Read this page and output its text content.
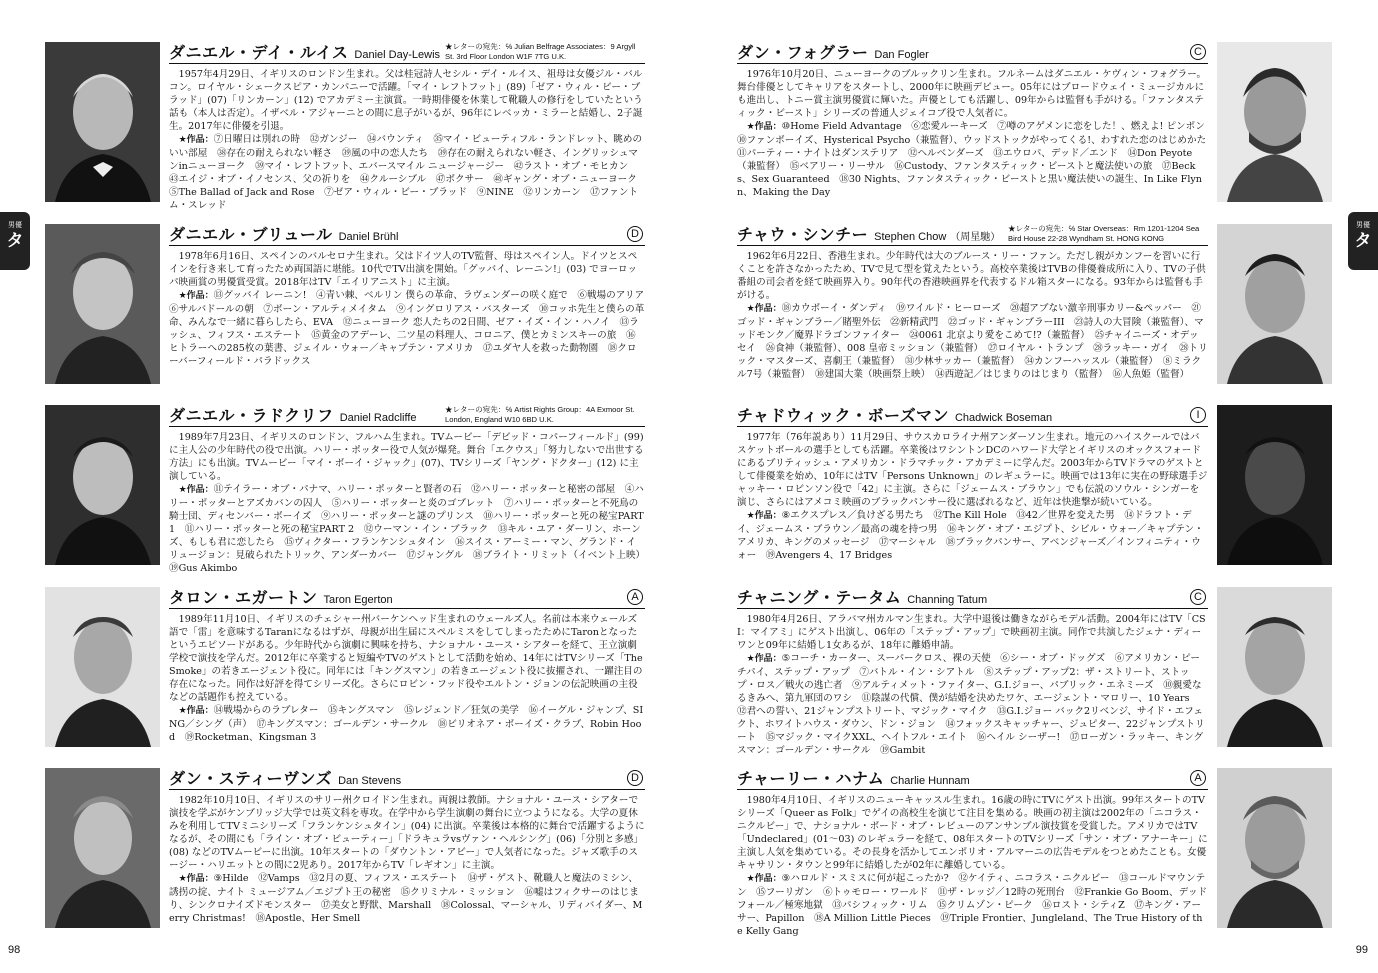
男優
タ
ダニエル・デイ・ルイス Daniel Day-Lewis
★レターの宛先：℅ Julian Belfrage Associates：9 Argyll St. 3rd Floor London W1F 7TG U.K.

1957年4月29日、イギリスのロンドン生まれ。父は桂冠詩人セシル・デイ・ルイス、祖母は女優ジル・バルコン。ロイヤル・シェークスピア・カンパニーで活躍。「マイ・レフトフット」(89)「ゼア・ウィル・ビー・ブラッド」(07)「リンカーン」(12) でアカデミー主演賞。一時期俳優を休業して靴職人の修行をしていたという話も（本人は否定）。イザベル・アジャーニとの間に息子がいるが、96年にレベッカ・ミラーと結婚し、2子誕生。2017年に俳優を引退。

★作品：⑦日曜日は別れの時　㉜ガンジー　㉞バウンティ　㉟マイ・ビューティフル・ランドレット、眺めのいい部屋　㊳存在の耐えられない軽さ　㊴風の中の恋人たち　㊴存在の耐えられない軽さ、イングリッシュマンinニューヨーク　㊴マイ・レフトフット、エバースマイル ニュージャージー　㊷ラスト・オブ・モヒカン　㊸エイジ・オブ・イノセンス、父の祈りを　㊹クルーシブル　㊼ボクサー　㊽ギャング・オブ・ニューヨーク　⑤The Ballad of Jack and Rose　⑦ゼア・ウィル・ビー・ブラッド　⑨NINE　⑫リンカーン　⑰ファントム・スレッド

ダニエル・ブリュール Daniel Brühl	D

1978年6月16日、スペインのバルセロナ生まれ。父はドイツ人のTV監督、母はスペイン人。ドイツとスペインを行き来して育ったため両国語に堪能。10代でTV出演を開始。「グッバイ、レーニン!」(03) でヨーロッパ映画賞の男優賞受賞。2018年はTV「エイリアニスト」に主演。

★作品：⑬グッバイ レーニン!　④青い棘、ベルリン 僕らの革命、ラヴェンダーの咲く庭で　⑥戦場のアリア　⑥サルバドールの朝　⑦ボーン・アルティメイタム　⑨イングロリアス・バスターズ　⑩コッホ先生と僕らの革命、みんなで一緒に暮らしたら、EVA　⑫ニューヨーク 恋人たちの2日間、ゼア・イズ・イン・ハノイ　⑬ラッシュ、フィフス・エステート　⑮黄金のアデーレ、二ツ星の料理人、コロニア、僕とカミンスキーの旅　⑯ヒトラーへの285枚の葉書、ジェイル・ウォー／キャプテン・アメリカ　⑰ユダヤ人を救った動物園　⑱クローバーフィールド・パラドックス

ダニエル・ラドクリフ Daniel Radcliffe
★レターの宛先：℅ Artist Rights Group：4A Exmoor St. London, England W10 6BD U.K.

1989年7月23日、イギリスのロンドン、フルハム生まれ。TVムービー「デビッド・コパーフィールド」(99) に主人公の少年時代の役で出演。ハリー・ポッター役で人気が爆発。舞台「エクウス」「努力しないで出世する方法」にも出演。TVムービー「マイ・ボーイ・ジャック」(07)、TVシリーズ「ヤング・ドクター」(12) に主演している。

★作品：⑪テイラー・オブ・パナマ、ハリー・ポッターと賢者の石　⑫ハリー・ポッターと秘密の部屋　④ハリー・ポッターとアズカバンの囚人　⑤ハリー・ポッターと炎のゴブレット　⑦ハリー・ポッターと不死鳥の騎士団、ディセンバー・ボーイズ　⑨ハリー・ポッターと謎のプリンス　⑩ハリー・ポッターと死の秘宝PART 1　⑪ハリー・ポッターと死の秘宝PART 2　⑫ウーマン・イン・ブラック　⑬キル・ユア・ダーリン、ホーンズ、もしも君に恋したら　⑮ヴィクター・フランケンシュタイン　⑯スイス・アーミー・マン、グランド・イリュージョン：見破られたトリック、アンダーカバー　⑰ジャングル　⑱ブライト・リミット（イベント上映）　⑲Gus Akimbo

タロン・エガートン Taron Egerton	A

1989年11月10日、イギリスのチェシャー州バーケンヘッド生まれのウェールズ人。名前は本来ウェールズ語で「雷」を意味するTaranになるはずが、母親が出生届にスペルミスをしてしまったためにTaronとなったというエピソードがある。少年時代から演劇に興味を持ち、ナショナル・ユース・シアターを経て、王立演劇学校で演技を学んだ。2012年に卒業すると短編やTVのゲストとして活動を始め、14年にはTVシリーズ「The Smoke」の若きエージェント役に。同年には「キングスマン」の若きエージェント役に抜擢され、一躍注目の存在になった。同作は好評を得てシリーズ化。さらにロビン・フッド役やエルトン・ジョンの伝記映画の主役などの話題作も控えている。

★作品：⑭戦場からのラブレター　⑮キングスマン　⑮レジェンド／狂気の美学　⑯イーグル・ジャンプ、SING／シング（声）　⑰キングスマン：ゴールデン・サークル　⑱ビリオネア・ボーイズ・クラブ、Robin Hood　⑲Rocketman、Kingsman 3

ダン・スティーヴンズ Dan Stevens	D

1982年10月10日、イギリスのサリー州クロイドン生まれ。両親は教師。ナショナル・ユース・シアターで演技を学ぶがケンブリッジ大学では英文科を専攻。在学中から学生演劇の舞台に立つようになる。大学の夏休みを利用してTVミニシリーズ「フランケンシュタイン」(04) に出演。卒業後は本格的に舞台で活躍するようになるが、その間にも「ライン・オブ・ビューティー」「ドラキュラvsヴァン・ヘルシング」(06)「分別と多感」(08) などのTVムービーに出演。10年スタートの「ダウントン・アビー」で人気者になった。ジャズ歌手のスージー・ハリエットとの間に2児あり。2017年からTV「レギオン」に主演。

★作品：⑨Hilde　⑫Vamps　⑬2月の夏、フィフス・エステート　⑭ザ・ゲスト、靴職人と魔法のミシン、誘拐の掟、ナイト ミュージアム／エジプト王の秘密　⑮クリミナル・ミッション　⑯嘘はフィクサーのはじまり、シンクロナイズドモンスター　⑰美女と野獣、Marshall　⑱Colossal、マーシャル、リディバイダー、Merry Christmas!　⑱Apostle、Her Smell

98
男優
タ
ダン・フォグラー Dan Fogler	C

1976年10月20日、ニューヨークのブルックリン生まれ。フルネームはダニエル・ケヴィン・フォグラー。舞台俳優としてキャリアをスタートし、2000年に映画デビュー。05年にはブロードウェイ・ミュージカルにも進出し、トニー賞主演男優賞に輝いた。声優としても活躍し、09年からは監督も手がける。「ファンタスティック・ビースト」シリーズの普通人ジェイコブ役で人気者に。

★作品：⑩Home Field Advantage　⑥恋愛ルーキーズ　⑦噂のアゲメンに恋をした！、燃えよ! ピンポン　⑩ファンボーイズ、Hysterical Psycho（兼監督）、ウッドストックがやってくる!、わすれた恋のはじめかた　⑪パーティー・ナイトはダンステリア　⑫ヘルベンダーズ　⑬エウロパ、デッド／エンド　⑭Don Peyote（兼監督）　⑮ベアリー・リーサル　⑯Custody、ファンタスティック・ビーストと魔法使いの旅　⑰Becks、Sex Guaranteed　⑱30 Nights、ファンタスティック・ビーストと黒い魔法使いの誕生、In Like Flynn、Making the Day

チャウ・シンチー Stephen Chow （周星馳）
★レターの宛先：℅ Star Overseas：Rm 1201-1204 Sea Bird House 22-28 Wyndham St. HONG KONG

1962年6月22日、香港生まれ。少年時代は大のブルース・リー・ファン。ただし親がカンフーを習いに行くことを許さなかったため、TVで見て型を覚えたという。高校卒業後はTVBの俳優養成所に入り、TVの子供番組の司会者を経て映画界入り。90年代の香港映画界を代表するドル箱スターになる。93年からは監督も手がける。

★作品：⑱カウボーイ・ダンディ　⑲ワイルド・ヒーローズ　⑳超アブない激辛刑事カリー&ペッパー　㉑ゴッド・ギャンブラー／賭聖外伝　㉒新精武門　㉒ゴッド・ギャンブラーIII　㉓詩人の大冒険（兼監督）、マッドモンク／魔界ドラゴンファイター　㉔0061 北京より愛をこめて!?（兼監督）　㉕チャイニーズ・オデッセイ　㉖食神（兼監督）、008 皇帝ミッション（兼監督）　㉗ロイヤル・トランプ　㉘ラッキー・ガイ　㉘トリック・マスターズ、喜劇王（兼監督）　㉛少林サッカー（兼監督）　㉞カンフーハッスル（兼監督）　⑧ミラクル7号（兼監督）　⑩建国大業（映画祭上映）　⑭西遊記／はじまりのはじまり（監督）　⑯人魚姫（監督）

チャドウィック・ボーズマン Chadwick Boseman	I

1977年（76年説あり）11月29日、サウスカロライナ州アンダーソン生まれ。地元のハイスクールではバスケットボールの選手としても活躍。卒業後はワシントンDCのハワード大学とイギリスのオックスフォードにあるブリティッシュ・アメリカン・ドラマチック・アカデミーに学んだ。2003年からTVドラマのゲストとして俳優業を始め、10年にはTV「Persons Unknown」のレギュラーに。映画では13年に実在の野球選手ジャッキー・ロビンソン役で「42」に主演。さらに「ジェームス・ブラウン」でも伝説のソウル・シンガーを演じ、さらにはアメコミ映画のブラックパンサー役に選ばれるなど、近年は快進撃が続いている。

★作品：⑧エクスプレス／負けざる男たち　⑫The Kill Hole　⑬42／世界を変えた男　⑭ドラフト・デイ、ジェームス・ブラウン／最高の魂を持つ男　⑯キング・オブ・エジプト、シビル・ウォー／キャプテン・アメリカ、キングのメッセージ　⑰マーシャル　⑱ブラックパンサー、アベンジャーズ／インフィニティ・ウォー　⑲Avengers 4、17 Bridges

チャニング・テータム Channing Tatum	C

1980年4月26日、アラバマ州カルマン生まれ。大学中退後は働きながらモデル活動。2004年にはTV「CSI：マイアミ」にゲスト出演し、06年の「ステップ・アップ」で映画初主演。同作で共演したジェナ・ディーワンと09年に結婚し1女あるが、18年に離婚申請。

★作品：⑤コーチ・カーター、スーパークロス、裸の天使　⑥シー・オブ・ドッグズ　⑥アメリカン・ピーチパイ、ステップ・アップ　⑦バトル・イン・シアトル　⑧ステップ・アップ2：ザ・ストリート、ストップ・ロス／戦火の逃亡者　⑨アルティメット・ファイター、G.I.ジョー、パブリック・エネミーズ　⑩親愛なるきみへ、第九軍団のワシ　⑪陰謀の代償、僕が結婚を決めたワケ、エージェント・マロリー、10 Years　⑫君への誓い、21ジャンプストリート、マジック・マイク　⑬G.I.ジョー バック2リベンジ、サイド・エフェクト、ホワイトハウス・ダウン、ドン・ジョン　⑭フォックスキャッチャー、ジュピター、22ジャンプストリート　⑮マジック・マイクXXL、ヘイトフル・エイト　⑯ヘイル シーザー!　⑰ローガン・ラッキー、キングスマン：ゴールデン・サークル　⑲Gambit

チャーリー・ハナム Charlie Hunnam	A

1980年4月10日、イギリスのニューキャッスル生まれ。16歳の時にTVにゲスト出演。99年スタートのTVシリーズ「Queer as Folk」でゲイの高校生を演じて注目を集める。映画の初主演は2002年の「ニコラス・ニクルビー」で、ナショナル・ボード・オブ・レビューのアンサンブル演技賞を受賞した。アメリカではTV「Undeclared」(01～03) のレギュラーを経て、08年スタートのTVシリーズ「サン・オブ・アナーキー」に主演し人気を集めている。その長身を活かしてエンポリオ・アルマーニの広告モデルをつとめたことも。女優キャサリン・タウンと99年に結婚したが02年に離婚している。

★作品：⑨ハロルド・スミスに何が起こったか?　⑫ケイティ、ニコラス・ニクルビー　⑬コールドマウンテン　⑮フーリガン　⑥トゥモロー・ワールド　⑪ザ・レッジ／12時の死刑台　⑫Frankie Go Boom、デッドフォール／極寒地獄　⑬パシフィック・リム　⑮クリムゾン・ピーク　⑯ロスト・シティZ　⑰キング・アーサー、Papillon　⑱A Million Little Pieces　⑲Triple Frontier、Jungleland、The True History of the Kelly Gang

99
